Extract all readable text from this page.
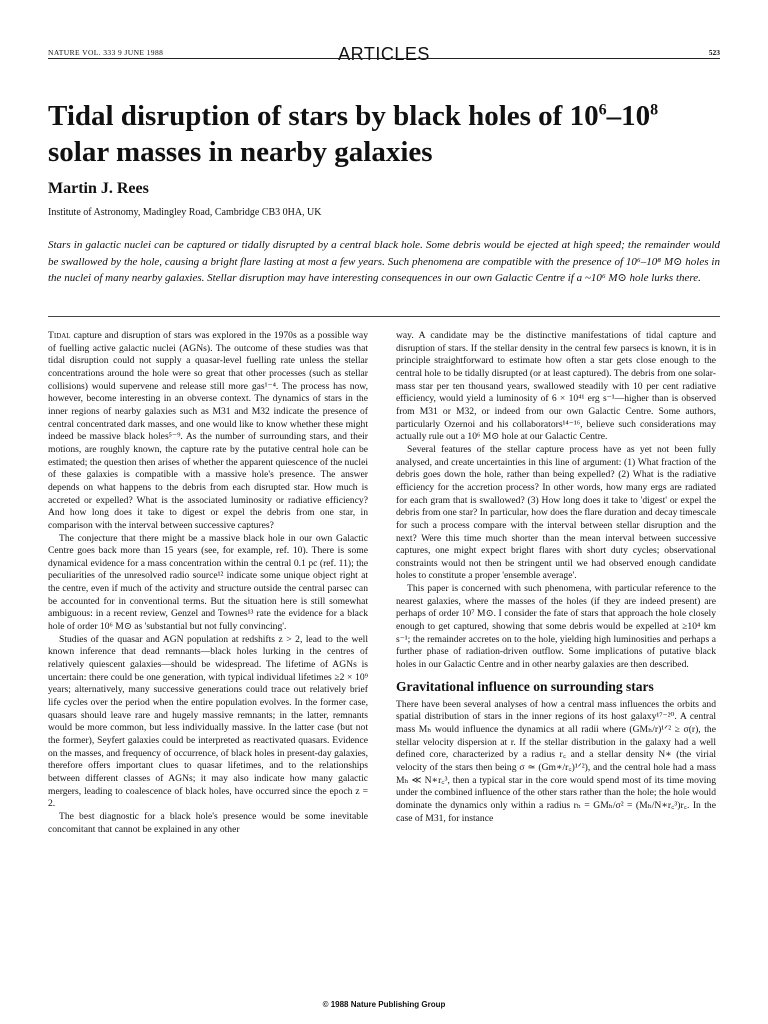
NATURE VOL. 333 9 JUNE 1988	ARTICLES	523
Tidal disruption of stars by black holes of $10^6-10^8$
solar masses in nearby galaxies
Martin J. Rees
Institute of Astronomy, Madingley Road, Cambridge CB3 0HA, UK

Stars in galactic nuclei can be captured or tidally disrupted by a central black hole. Some debris would be ejected at high speed; the remainder would be swallowed by the hole, causing a bright flare lasting at most a few years. Such phenomena are compatible with the presence of 10⁶–10⁸ M⊙ holes in the nuclei of many nearby galaxies. Stellar disruption may have interesting consequences in our own Galactic Centre if a ~10⁶ M⊙ hole lurks there.

Tidal capture and disruption of stars was explored in the 1970s as a possible way of fuelling active galactic nuclei (AGNs). The outcome of these studies was that tidal disruption could not supply a quasar-level fuelling rate unless the stellar concentrations around the hole were so great that other processes (such as stellar collisions) would supervene and release still more gas¹⁻⁴. The process has now, however, become interesting in an obverse context. The dynamics of stars in the inner regions of nearby galaxies such as M31 and M32 indicate the presence of central concentrated dark masses, and one would like to know whether these might indeed be massive black holes⁵⁻⁹. As the number of surrounding stars, and their motions, are roughly known, the capture rate by the putative central hole can be estimated; the question then arises of whether the apparent quiescence of the nuclei of these galaxies is compatible with a massive hole's presence. The answer depends on what happens to the debris from each disrupted star. How much is accreted or expelled? What is the associated luminosity or radiative efficiency? And how long does it take to digest or expel the debris from one star, in comparison with the interval between successive captures?

The conjecture that there might be a massive black hole in our own Galactic Centre goes back more than 15 years (see, for example, ref. 10). There is some dynamical evidence for a mass concentration within the central 0.1 pc (ref. 11); the peculiarities of the unresolved radio source¹² indicate some unique object right at the centre, even if much of the activity and structure outside the central parsec can be accounted for in conventional terms. But the situation here is still somewhat ambiguous: in a recent review, Genzel and Townes¹³ rate the evidence for a black hole of order 10⁶ M⊙ as 'substantial but not fully convincing'.

Studies of the quasar and AGN population at redshifts z > 2, lead to the well known inference that dead remnants—black holes lurking in the centres of relatively quiescent galaxies—should be widespread. The lifetime of AGNs is uncertain: there could be one generation, with typical individual lifetimes ≥2 × 10⁹ years; alternatively, many successive generations could trace out relatively brief life cycles over the period when the entire population evolves. In the former case, quasars should leave rare and hugely massive remnants; in the latter, remnants would be more common, but less individually massive. In the latter case (but not the former), Seyfert galaxies could be interpreted as reactivated quasars. Evidence on the masses, and frequency of occurrence, of black holes in present-day galaxies, therefore offers important clues to quasar lifetimes, and to the relationships between different classes of AGNs; it may also indicate how many galactic mergers, leading to coalescence of black holes, have occurred since the epoch z = 2.

The best diagnostic for a black hole's presence would be some inevitable concomitant that cannot be explained in any other

way. A candidate may be the distinctive manifestations of tidal capture and disruption of stars. If the stellar density in the central few parsecs is known, it is in principle straightforward to estimate how often a star gets close enough to the central hole to be tidally disrupted (or at least captured). The debris from one solar-mass star per ten thousand years, swallowed steadily with 10 per cent radiative efficiency, would yield a luminosity of 6 × 10⁴¹ erg s⁻¹—higher than is observed from M31 or M32, or indeed from our own Galactic Centre. Some authors, particularly Ozernoi and his collaborators¹⁴⁻¹⁶, believe such considerations may actually rule out a 10⁶ M⊙ hole at our Galactic Centre.

Several features of the stellar capture process have as yet not been fully analysed, and create uncertainties in this line of argument: (1) What fraction of the debris goes down the hole, rather than being expelled? (2) What is the radiative efficiency for the accretion process? In other words, how many ergs are radiated for each gram that is swallowed? (3) How long does it take to 'digest' or expel the debris from one star? In particular, how does the flare duration and decay timescale for such a process compare with the interval between stellar disruption and the next? Were this time much shorter than the mean interval between successive captures, one might expect bright flares with short duty cycles; observational constraints would not then be stringent until we had observed enough candidate holes to constitute a proper 'ensemble average'.

This paper is concerned with such phenomena, with particular reference to the nearest galaxies, where the masses of the holes (if they are indeed present) are perhaps of order 10⁷ M⊙. I consider the fate of stars that approach the hole closely enough to get captured, showing that some debris would be expelled at ≥10⁴ km s⁻¹; the remainder accretes on to the hole, yielding high luminosities and perhaps a further phase of radiation-driven outflow. Some implications of putative black holes in our Galactic Centre and in other nearby galaxies are then described.

Gravitational influence on surrounding stars

There have been several analyses of how a central mass influences the orbits and spatial distribution of stars in the inner regions of its host galaxy¹⁷⁻²⁰. A central mass Mₕ would influence the dynamics at all radii where (GMₕ/r)¹ᐟ² ≥ σ(r), the stellar velocity dispersion at r. If the stellar distribution in the galaxy had a well defined core, characterized by a radius r꜀ and a stellar density N∗ (the virial velocity of the stars then being σ ≃ (Gm∗/r꜀)¹ᐟ²), and the central hole had a mass Mₕ ≪ N∗r꜀³, then a typical star in the core would spend most of its time moving under the combined influence of the other stars rather than the hole; the hole would dominate the dynamics only within a radius rₕ = GMₕ/σ² = (Mₕ/N∗r꜀³)r꜀. In the case of M31, for instance

© 1988 Nature Publishing Group
